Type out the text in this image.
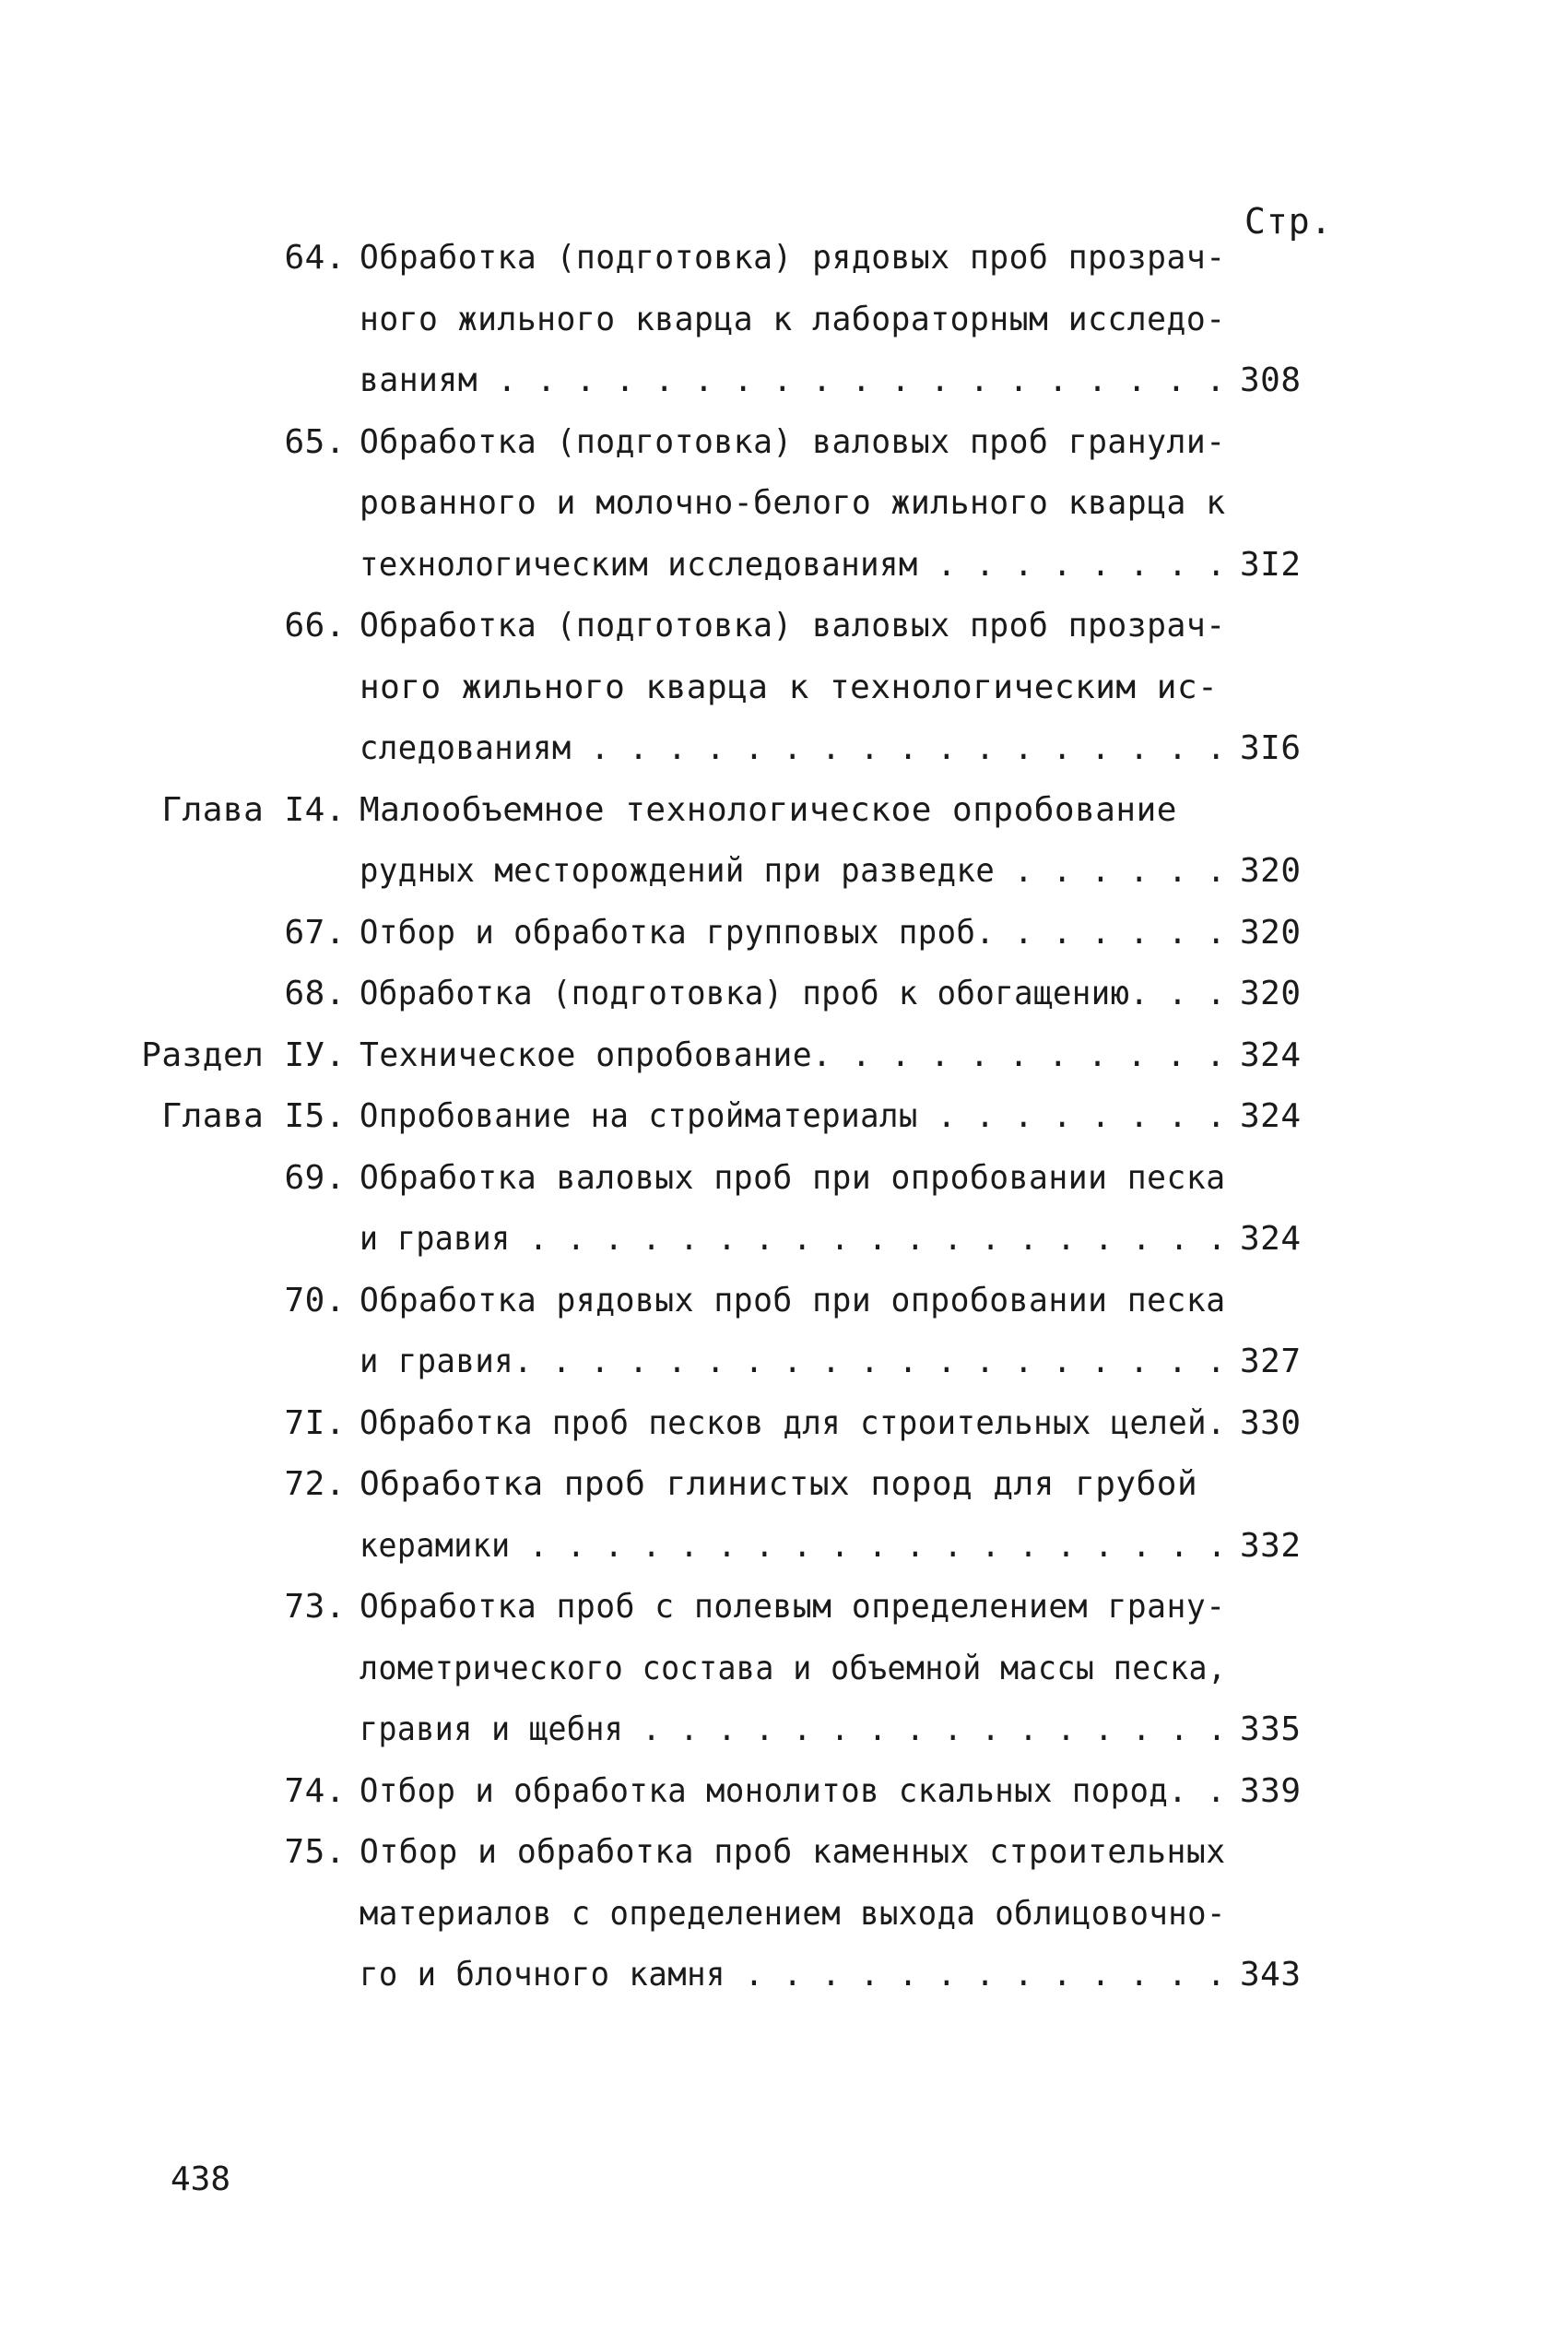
Стр.
64. Обработка (подготовка) рядовых проб прозрач-
ного жильного кварца к лабораторным исследо-
ваниям . . . . . . . . . . . . . . . . . . . 308
65. Обработка (подготовка) валовых проб гранули-
рованного и молочно-белого жильного кварца к
технологическим исследованиям . . . . . . . . 3I2
66. Обработка (подготовка) валовых проб прозрач-
ного жильного кварца к технологическим ис-
следованиям . . . . . . . . . . . . . . . . . 3I6
Глава I4. Малообъемное технологическое опробование
рудных месторождений при разведке . . . . . . 320
67. Отбор и обработка групповых проб. . . . . . . 320
68. Обработка (подготовка) проб к обогащению. . . 320
Раздел IУ. Техническое опробование. . . . . . . . . . . 324
Глава I5. Опробование на стройматериалы . . . . . . . . 324
69. Обработка валовых проб при опробовании песка
и гравия . . . . . . . . . . . . . . . . . . . 324
70. Обработка рядовых проб при опробовании песка
и гравия. . . . . . . . . . . . . . . . . . . 327
7I. Обработка проб песков для строительных целей. 330
72. Обработка проб глинистых пород для грубой
керамики . . . . . . . . . . . . . . . . . . . 332
73. Обработка проб с полевым определением грану-
лометрического состава и объемной массы песка,
гравия и щебня . . . . . . . . . . . . . . . . 335
74. Отбор и обработка монолитов скальных пород. . 339
75. Отбор и обработка проб каменных строительных
материалов с определением выхода облицовочно-
го и блочного камня . . . . . . . . . . . . . 343
438
